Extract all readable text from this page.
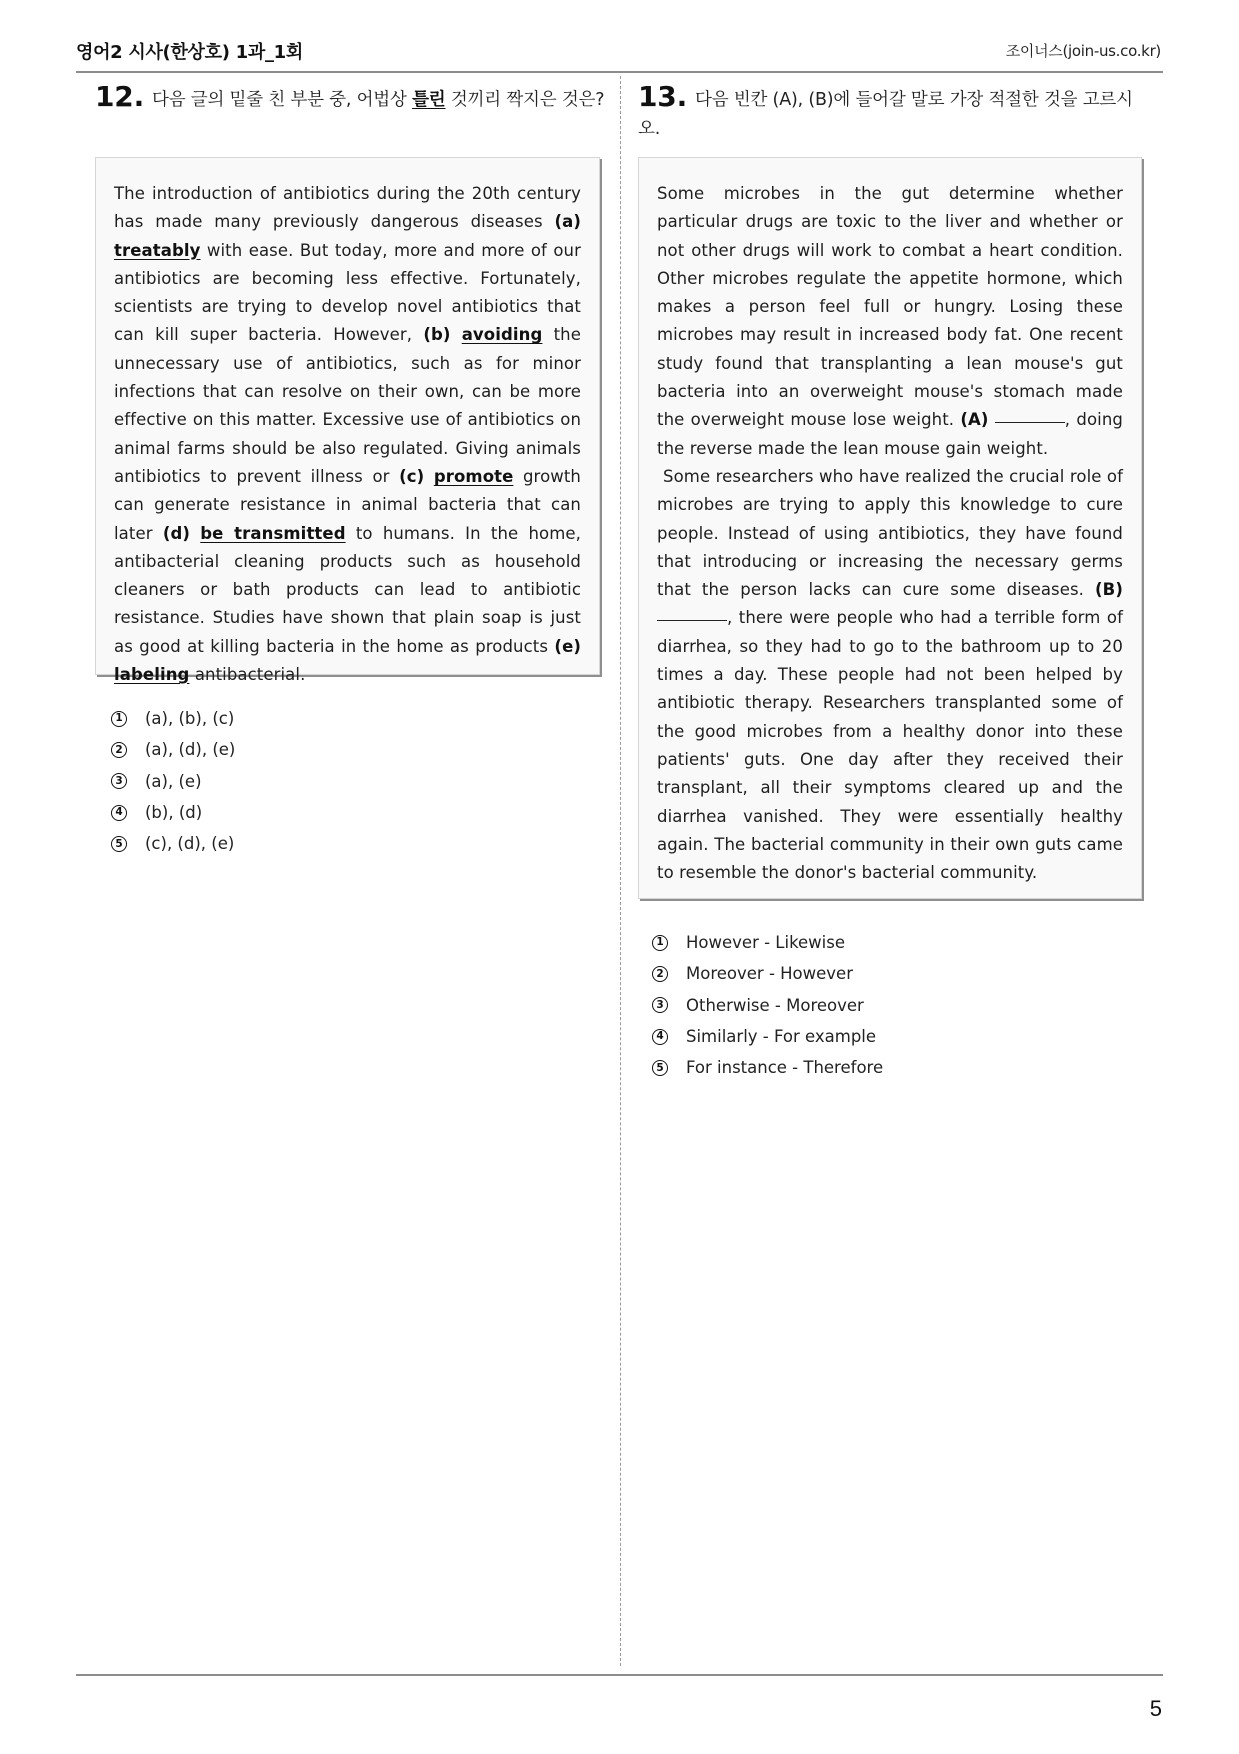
영어2 시사(한상호) 1과_1회	조이너스(join-us.co.kr)
12. 다음 글의 밑줄 친 부분 중, 어법상 틀린 것끼리 짝지은 것은?
The introduction of antibiotics during the 20th century has made many previously dangerous diseases (a) treatably with ease. But today, more and more of our antibiotics are becoming less effective. Fortunately, scientists are trying to develop novel antibiotics that can kill super bacteria. However, (b) avoiding the unnecessary use of antibiotics, such as for minor infections that can resolve on their own, can be more effective on this matter. Excessive use of antibiotics on animal farms should be also regulated. Giving animals antibiotics to prevent illness or (c) promote growth can generate resistance in animal bacteria that can later (d) be transmitted to humans. In the home, antibacterial cleaning products such as household cleaners or bath products can lead to antibiotic resistance. Studies have shown that plain soap is just as good at killing bacteria in the home as products (e) labeling antibacterial.
1 (a), (b), (c)
2 (a), (d), (e)
3 (a), (e)
4 (b), (d)
5 (c), (d), (e)
13. 다음 빈칸 (A), (B)에 들어갈 말로 가장 적절한 것을 고르시오.
Some microbes in the gut determine whether particular drugs are toxic to the liver and whether or not other drugs will work to combat a heart condition. Other microbes regulate the appetite hormone, which makes a person feel full or hungry. Losing these microbes may result in increased body fat. One recent study found that transplanting a lean mouse's gut bacteria into an overweight mouse's stomach made the overweight mouse lose weight. (A)	, doing the reverse made the lean mouse gain weight.
Some researchers who have realized the crucial role of microbes are trying to apply this knowledge to cure people. Instead of using antibiotics, they have found that introducing or increasing the necessary germs that the person lacks can cure some diseases. (B) , there were people who had a terrible form of diarrhea, so they had to go to the bathroom up to 20 times a day. These people had not been helped by antibiotic therapy. Researchers transplanted some of the good microbes from a healthy donor into these patients' guts. One day after they received their transplant, all their symptoms cleared up and the diarrhea vanished. They were essentially healthy again. The bacterial community in their own guts came to resemble the donor's bacterial community.
1 However - Likewise
2 Moreover - However
3 Otherwise - Moreover
4 Similarly - For example
5 For instance - Therefore
5
